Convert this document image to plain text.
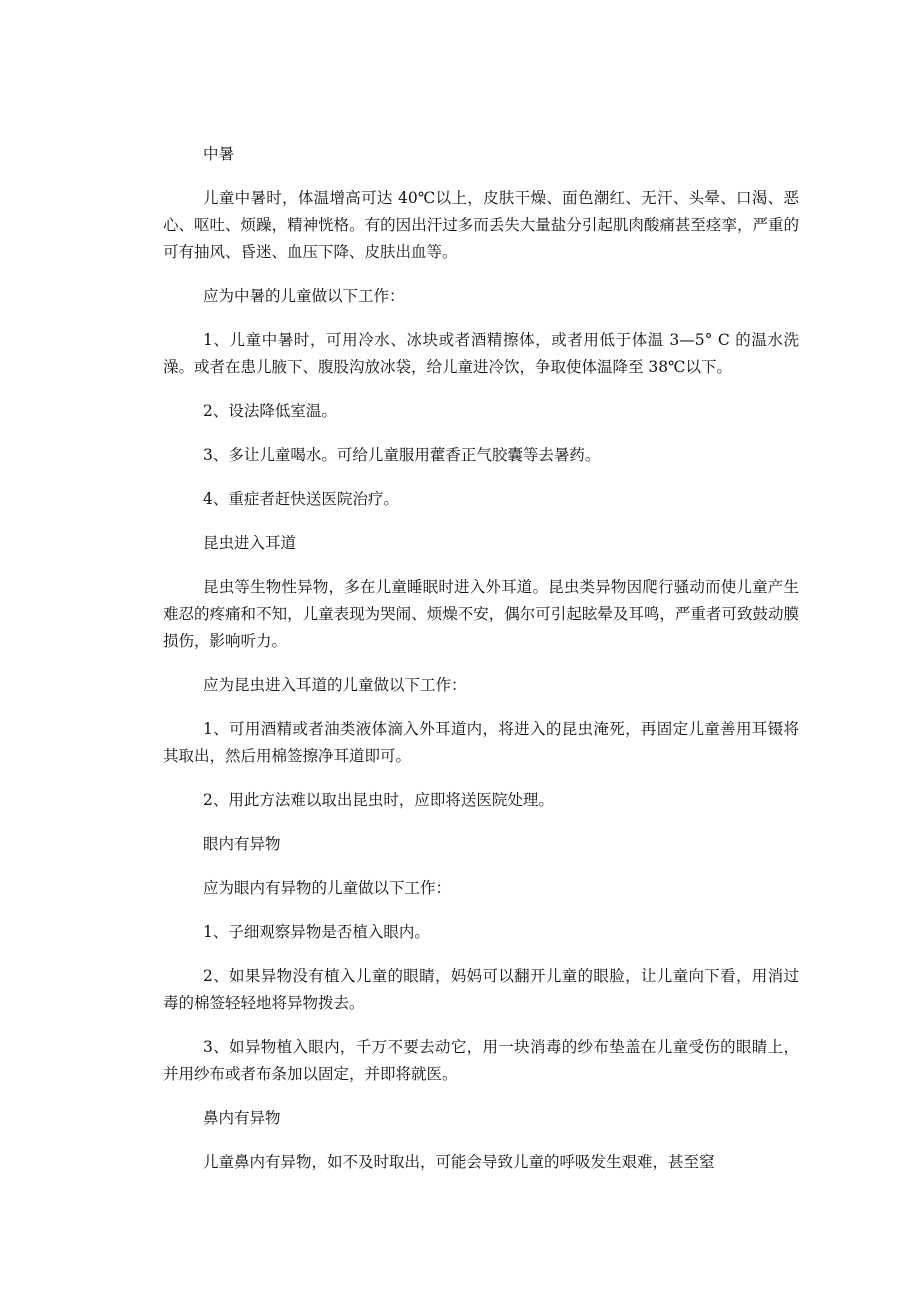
中暑

儿童中暑时，体温增高可达 40℃以上，皮肤干燥、面色潮红、无汗、头晕、口渴、恶心、呕吐、烦躁，精神恍格。有的因出汗过多而丢失大量盐分引起肌肉酸痛甚至痉挛，严重的可有抽风、昏迷、血压下降、皮肤出血等。

应为中暑的儿童做以下工作：

1、儿童中暑时，可用冷水、冰块或者酒精擦体，或者用低于体温 3—5° C 的温水洗澡。或者在患儿腋下、腹股沟放冰袋，给儿童进冷饮，争取使体温降至 38℃以下。

2、设法降低室温。

3、多让儿童喝水。可给儿童服用藿香正气胶囊等去暑药。

4、重症者赶快送医院治疗。

昆虫进入耳道

昆虫等生物性异物，多在儿童睡眠时进入外耳道。昆虫类异物因爬行骚动而使儿童产生难忍的疼痛和不知，儿童表现为哭闹、烦燥不安，偶尔可引起眩晕及耳鸣，严重者可致鼓动膜损伤，影响听力。

应为昆虫进入耳道的儿童做以下工作：

1、可用酒精或者油类液体滴入外耳道内，将进入的昆虫淹死，再固定儿童善用耳镊将其取出，然后用棉签擦净耳道即可。

2、用此方法难以取出昆虫时，应即将送医院处理。

眼内有异物

应为眼内有异物的儿童做以下工作：

1、子细观察异物是否植入眼内。

2、如果异物没有植入儿童的眼睛，妈妈可以翻开儿童的眼脸，让儿童向下看，用消过毒的棉签轻轻地将异物拨去。

3、如异物植入眼内，千万不要去动它，用一块消毒的纱布垫盖在儿童受伤的眼睛上，并用纱布或者布条加以固定，并即将就医。

鼻内有异物

儿童鼻内有异物，如不及时取出，可能会导致儿童的呼吸发生艰难，甚至窒
